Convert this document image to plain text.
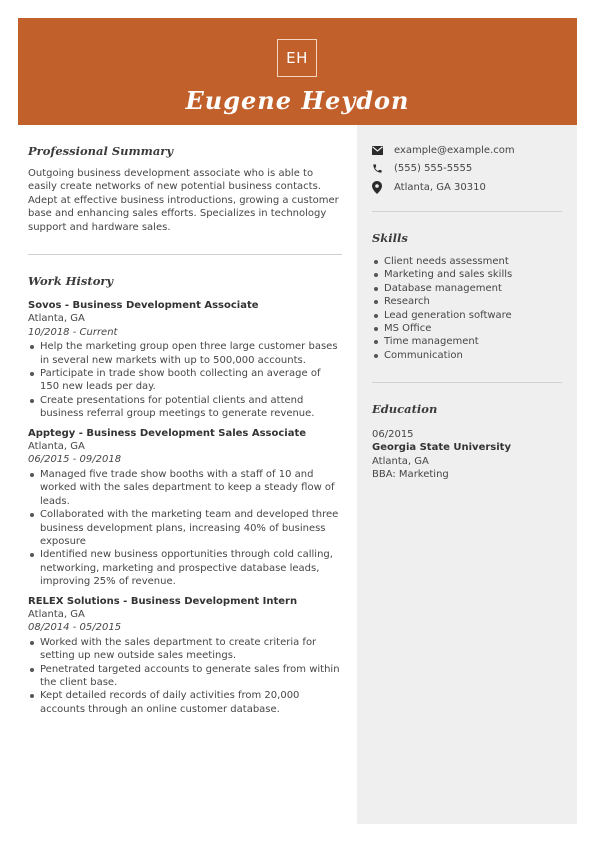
EH
Eugene Heydon
Professional Summary
Outgoing business development associate who is able to easily create networks of new potential business contacts. Adept at effective business introductions, growing a customer base and enhancing sales efforts. Specializes in technology support and hardware sales.
Work History
Sovos - Business Development Associate
Atlanta, GA
10/2018 - Current
Help the marketing group open three large customer bases in several new markets with up to 500,000 accounts.
Participate in trade show booth collecting an average of 150 new leads per day.
Create presentations for potential clients and attend business referral group meetings to generate revenue.
Apptegy - Business Development Sales Associate
Atlanta, GA
06/2015 - 09/2018
Managed five trade show booths with a staff of 10 and worked with the sales department to keep a steady flow of leads.
Collaborated with the marketing team and developed three business development plans, increasing 40% of business exposure
Identified new business opportunities through cold calling, networking, marketing and prospective database leads, improving 25% of revenue.
RELEX Solutions - Business Development Intern
Atlanta, GA
08/2014 - 05/2015
Worked with the sales department to create criteria for setting up new outside sales meetings.
Penetrated targeted accounts to generate sales from within the client base.
Kept detailed records of daily activities from 20,000 accounts through an online customer database.
example@example.com
(555) 555-5555
Atlanta, GA 30310
Skills
Client needs assessment
Marketing and sales skills
Database management
Research
Lead generation software
MS Office
Time management
Communication
Education
06/2015
Georgia State University
Atlanta, GA
BBA: Marketing
